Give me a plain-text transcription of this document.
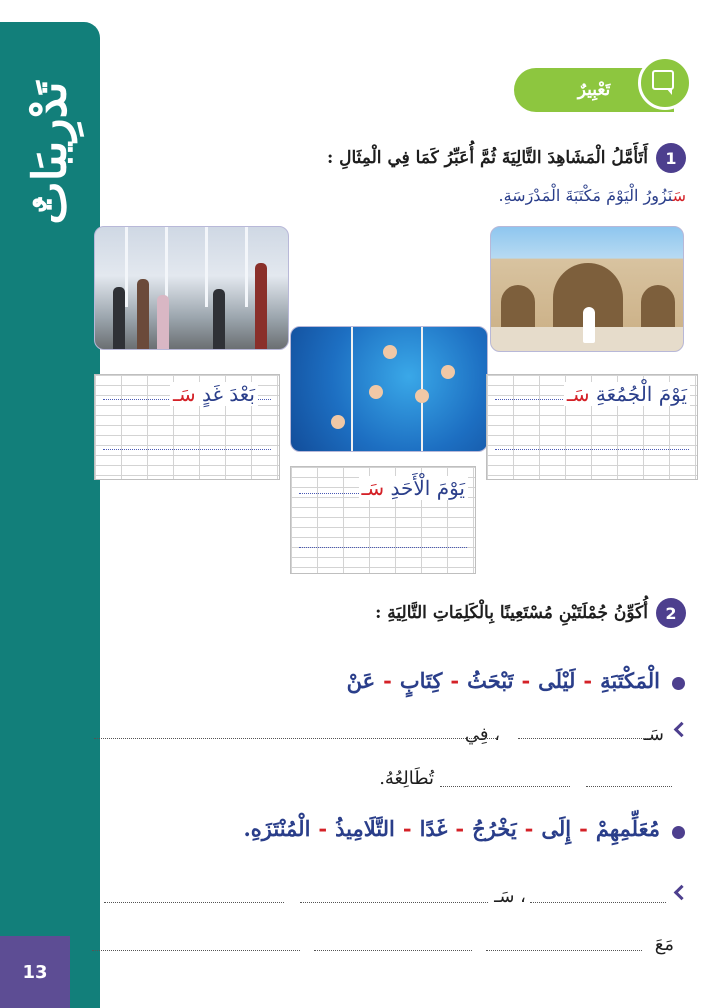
تَدْرِيبَاتٌ
13
تَعْبِيرٌ
1
أَتَأَمَّلُ الْمَشَاهِدَ التَّالِيَةَ ثُمَّ أُعَبِّرُ كَمَا فِي الْمِثَالِ :
سَنَزُورُ الْيَوْمَ مَكْتَبَةَ الْمَدْرَسَةِ.
بَعْدَ غَدٍ سَـ	يَوْمَ الْجُمُعَةِ سَـ
يَوْمَ الْأَحَدِ سَـ
2
أُكَوِّنُ جُمْلَتَيْنِ مُسْتَعِينًا بِالْكَلِمَاتِ التَّالِيَةِ :
الْمَكْتَبَةِ-لَيْلَى-تَبْحَثُ-كِتَابٍ-عَنْ
سَـ
، فِي
تُطَالِعُهُ.
مُعَلِّمِهِمْ-إِلَى-يَخْرُجُ-غَدًا-التَّلَامِيذُ-الْمُنْتَزَهِ.
، سَـ
مَعَ
